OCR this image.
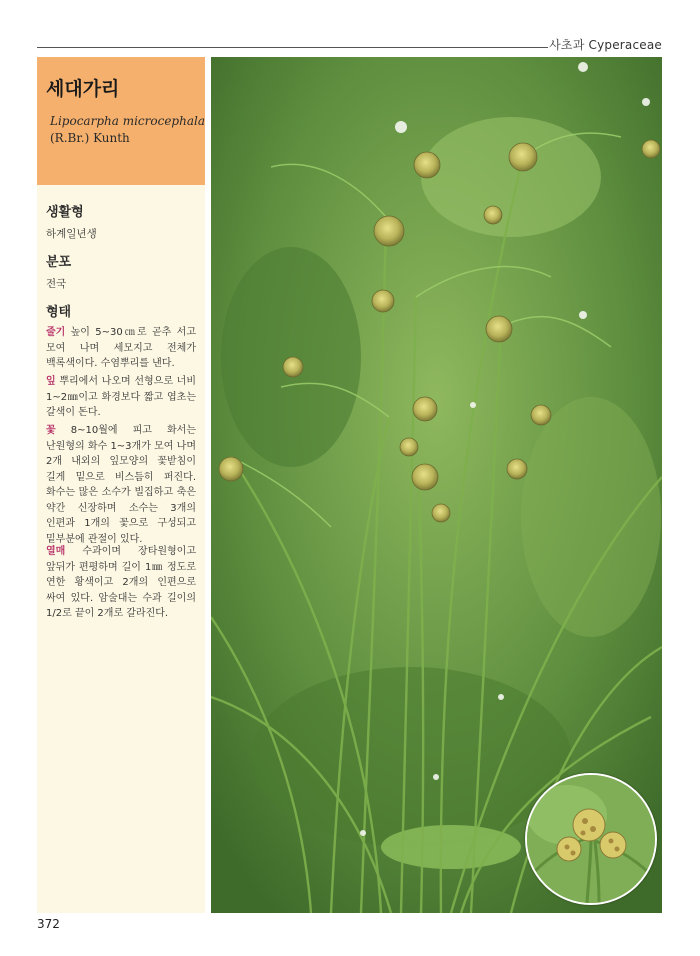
사초과 Cyperaceae
세대가리
Lipocarpha microcephala
(R.Br.) Kunth
생활형
하계일년생
분포
전국
형태
줄기 높이 5~30㎝로 곧추 서고 모여 나며 세모지고 전체가 백록색이다. 수염뿌리를 낸다.
잎 뿌리에서 나오며 선형으로 너비 1~2㎜이고 화경보다 짧고 엽초는 갈색이 돈다.
꽃 8~10월에 피고 화서는 난원형의 화수 1~3개가 모여 나며 2개 내외의 잎모양의 꽃받침이 길게 밑으로 비스듬히 퍼진다. 화수는 많은 소수가 빌집하고 축은 약간 신장하며 소수는 3개의 인편과 1개의 꽃으로 구성되고 밑부분에 관절이 있다.
열매 수과이며 장타원형이고 앞뒤가 편평하며 길이 1㎜ 정도로 연한 황색이고 2개의 인편으로 싸여 있다. 암술대는 수과 길이의 1/2로 끝이 2개로 갈라진다.
372
